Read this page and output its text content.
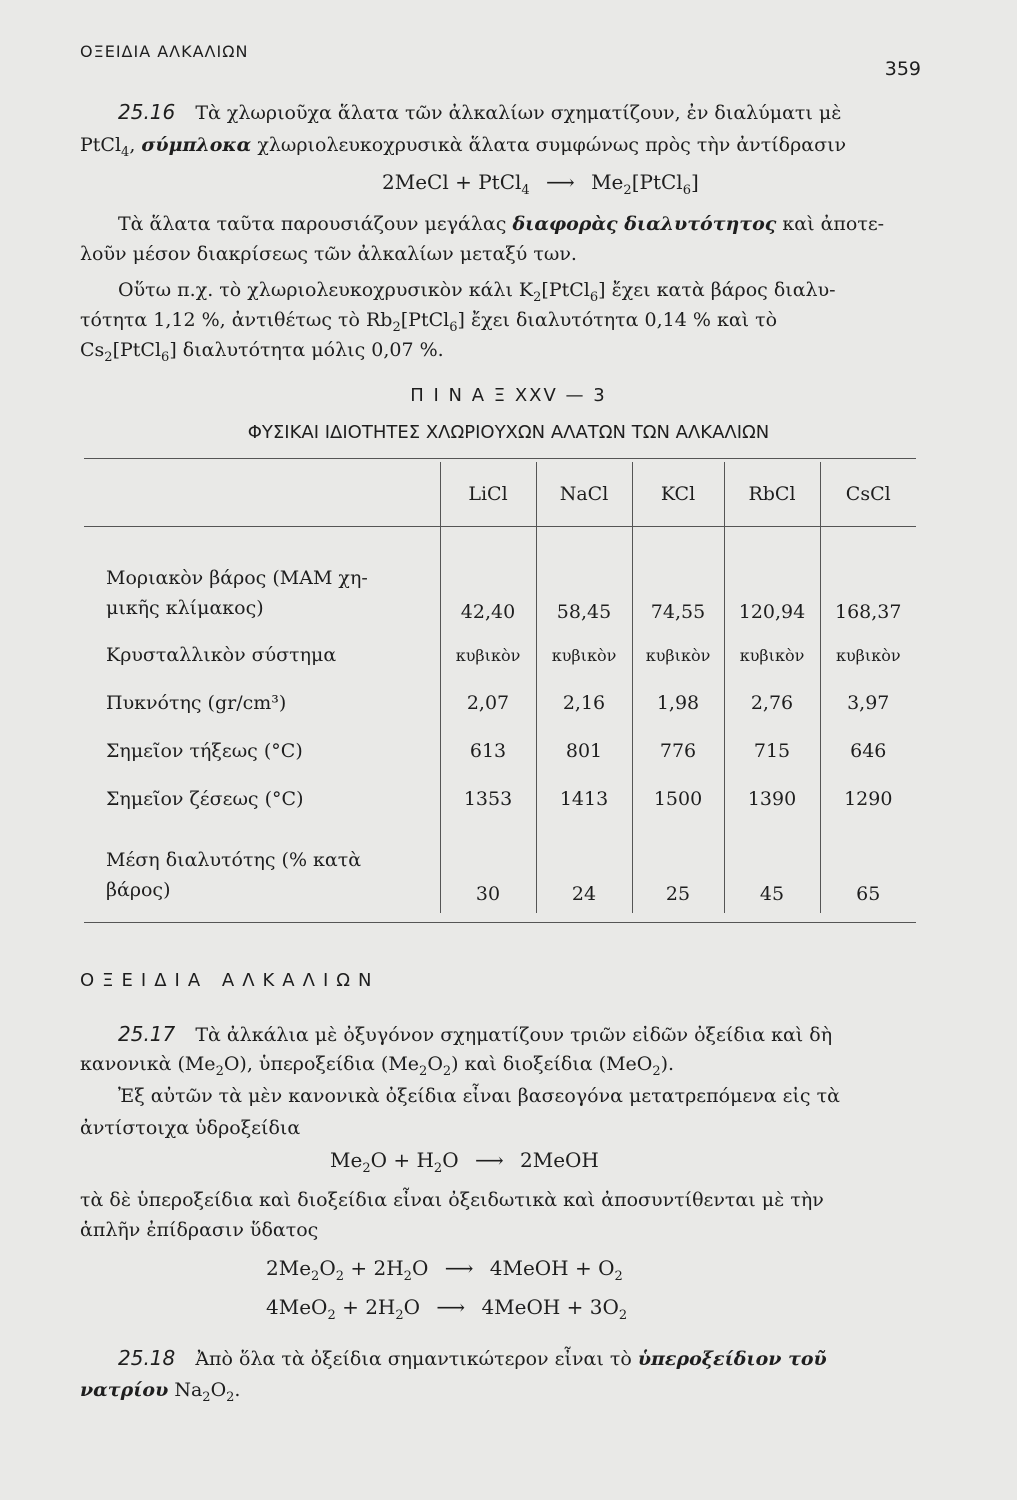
ΟΞΕΙΔΙΑ ΑΛΚΑΛΙΩΝ
359
25.16 Τὰ χλωριοῦχα ἅλατα τῶν ἀλκαλίων σχηματίζουν, ἐν διαλύματι μὲ
PtCl$_4$, σύμπλοκα χλωριολευκοχρυσικὰ ἅλατα συμφώνως πρὸς τὴν ἀντίδρασιν
2MeCl + PtCl$_4$ ⟶ $Me_2[PtCl_6]$
Τὰ ἅλατα ταῦτα παρουσιάζουν μεγάλας διαφορὰς διαλυτότητος καὶ ἀποτε-
λοῦν μέσον διακρίσεως τῶν ἀλκαλίων μεταξύ των.
Οὕτω π.χ. τὸ χλωριολευκοχρυσικὸν κάλι $K_2[PtCl_6]$ ἔχει κατὰ βάρος διαλυ-
τότητα 1,12 %, ἀντιθέτως τὸ $Rb_2[PtCl_6]$ ἔχει διαλυτότητα 0,14 % καὶ τὸ
$Cs_2[PtCl_6]$ διαλυτότητα μόλις 0,07 %.
Π Ι Ν Α Ξ XXV — 3
ΦΥΣΙΚΑΙ ΙΔΙΟΤΗΤΕΣ ΧΛΩΡΙΟΥΧΩΝ ΑΛΑΤΩΝ ΤΩΝ ΑΛΚΑΛΙΩΝ
	LiCl	NaCl	KCl	RbCl	CsCl
Μοριακὸν βάρος (ΜΑΜ χη-
μικῆς κλίμακος)	42,40	58,45	74,55	120,94	168,37
Κρυσταλλικὸν σύστημα	κυβικὸν	κυβικὸν	κυβικὸν	κυβικὸν	κυβικὸν
Πυκνότης (gr/cm³)	2,07	2,16	1,98	2,76	3,97
Σημεῖον τήξεως (°C)	613	801	776	715	646
Σημεῖον ζέσεως (°C)	1353	1413	1500	1390	1290
Μέση διαλυτότης (% κατὰ
βάρος)	30	24	25	45	65
ΟΞΕΙΔΙΑ ΑΛΚΑΛΙΩΝ
25.17 Τὰ ἀλκάλια μὲ ὀξυγόνον σχηματίζουν τριῶν εἰδῶν ὀξείδια καὶ δὴ
κανονικὰ $(Me_2O)$, ὑπεροξείδια $(Me_2O_2)$ καὶ διοξείδια (MeO$_2$).
Ἐξ αὐτῶν τὰ μὲν κανονικὰ ὀξείδια εἶναι βασεογόνα μετατρεπόμενα εἰς τὰ
ἀντίστοιχα ὑδροξείδια
$Me_2O + H_2O$ ⟶ 2MeOH
τὰ δὲ ὑπεροξείδια καὶ διοξείδια εἶναι ὀξειδωτικὰ καὶ ἀποσυντίθενται μὲ τὴν
ἁπλῆν ἐπίδρασιν ὕδατος
$2Me_2O_2 + 2H_2O$ ⟶ 4MeOH + $O_2$
$4MeO_2 + 2H_2O$ ⟶ 4MeOH + $3O_2$
25.18 Ἀπὸ ὅλα τὰ ὀξείδια σημαντικώτερον εἶναι τὸ ὑπεροξείδιον τοῦ
νατρίου $Na_2O_2$.
